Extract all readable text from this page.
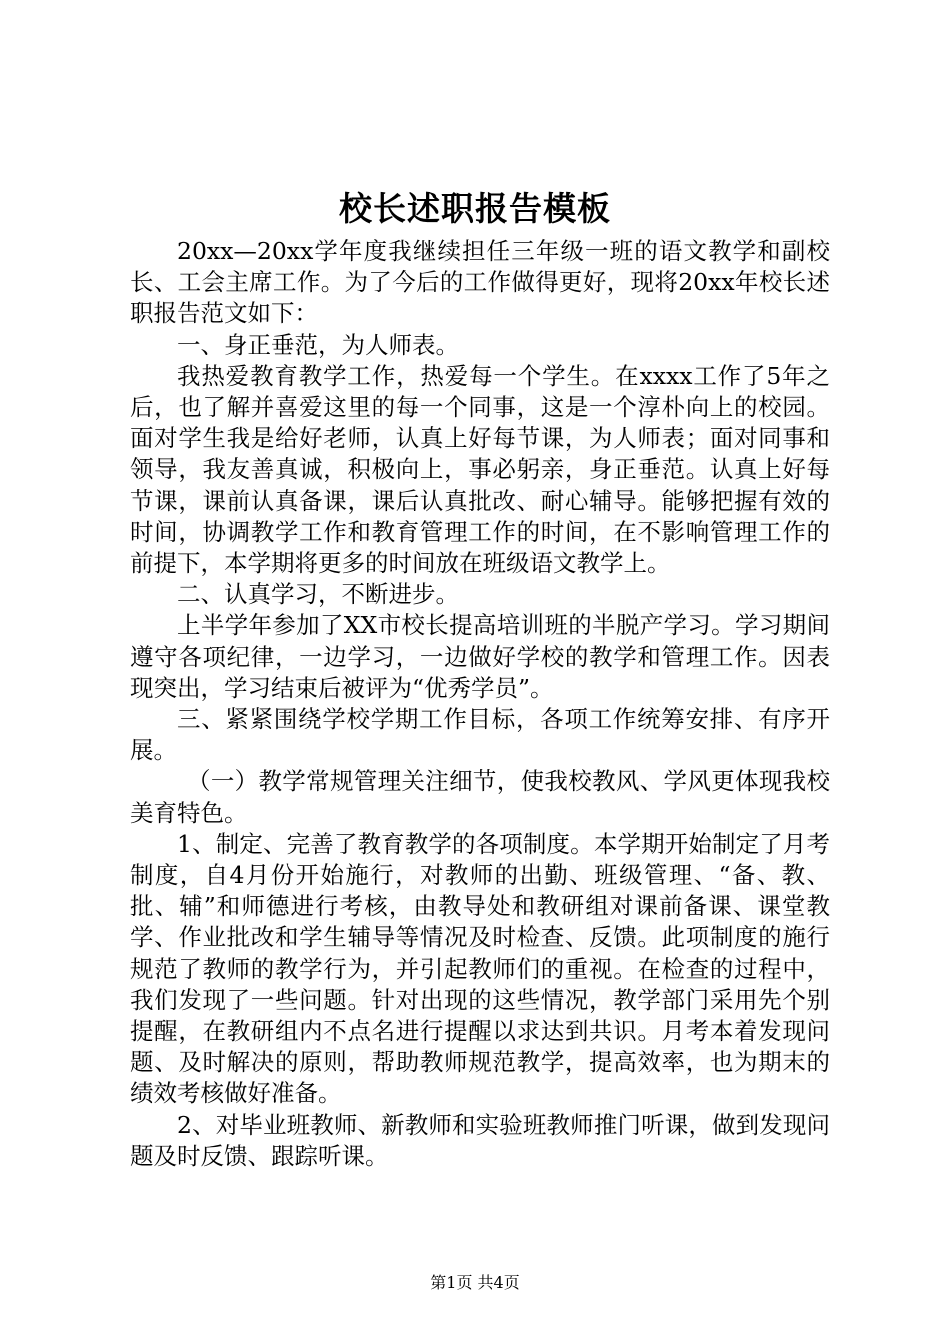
校长述职报告模板

20xx—20xx学年度我继续担任三年级一班的语文教学和副校长、工会主席工作。为了今后的工作做得更好，现将20xx年校长述职报告范文如下：

一、身正垂范，为人师表。

我热爱教育教学工作，热爱每一个学生。在xxxx工作了5年之后，也了解并喜爱这里的每一个同事，这是一个淳朴向上的校园。面对学生我是给好老师，认真上好每节课，为人师表；面对同事和领导，我友善真诚，积极向上，事必躬亲，身正垂范。认真上好每节课，课前认真备课，课后认真批改、耐心辅导。能够把握有效的时间，协调教学工作和教育管理工作的时间，在不影响管理工作的前提下，本学期将更多的时间放在班级语文教学上。

二、认真学习，不断进步。

上半学年参加了XX市校长提高培训班的半脱产学习。学习期间遵守各项纪律，一边学习，一边做好学校的教学和管理工作。因表现突出，学习结束后被评为“优秀学员”。

三、紧紧围绕学校学期工作目标，各项工作统筹安排、有序开展。

（一）教学常规管理关注细节，使我校教风、学风更体现我校美育特色。

1、制定、完善了教育教学的各项制度。本学期开始制定了月考制度，自4月份开始施行，对教师的出勤、班级管理、“备、教、批、辅”和师德进行考核，由教导处和教研组对课前备课、课堂教学、作业批改和学生辅导等情况及时检查、反馈。此项制度的施行规范了教师的教学行为，并引起教师们的重视。在检查的过程中，我们发现了一些问题。针对出现的这些情况，教学部门采用先个别提醒，在教研组内不点名进行提醒以求达到共识。月考本着发现问题、及时解决的原则，帮助教师规范教学，提高效率，也为期末的绩效考核做好准备。

2、对毕业班教师、新教师和实验班教师推门听课，做到发现问题及时反馈、跟踪听课。

第1页 共4页
